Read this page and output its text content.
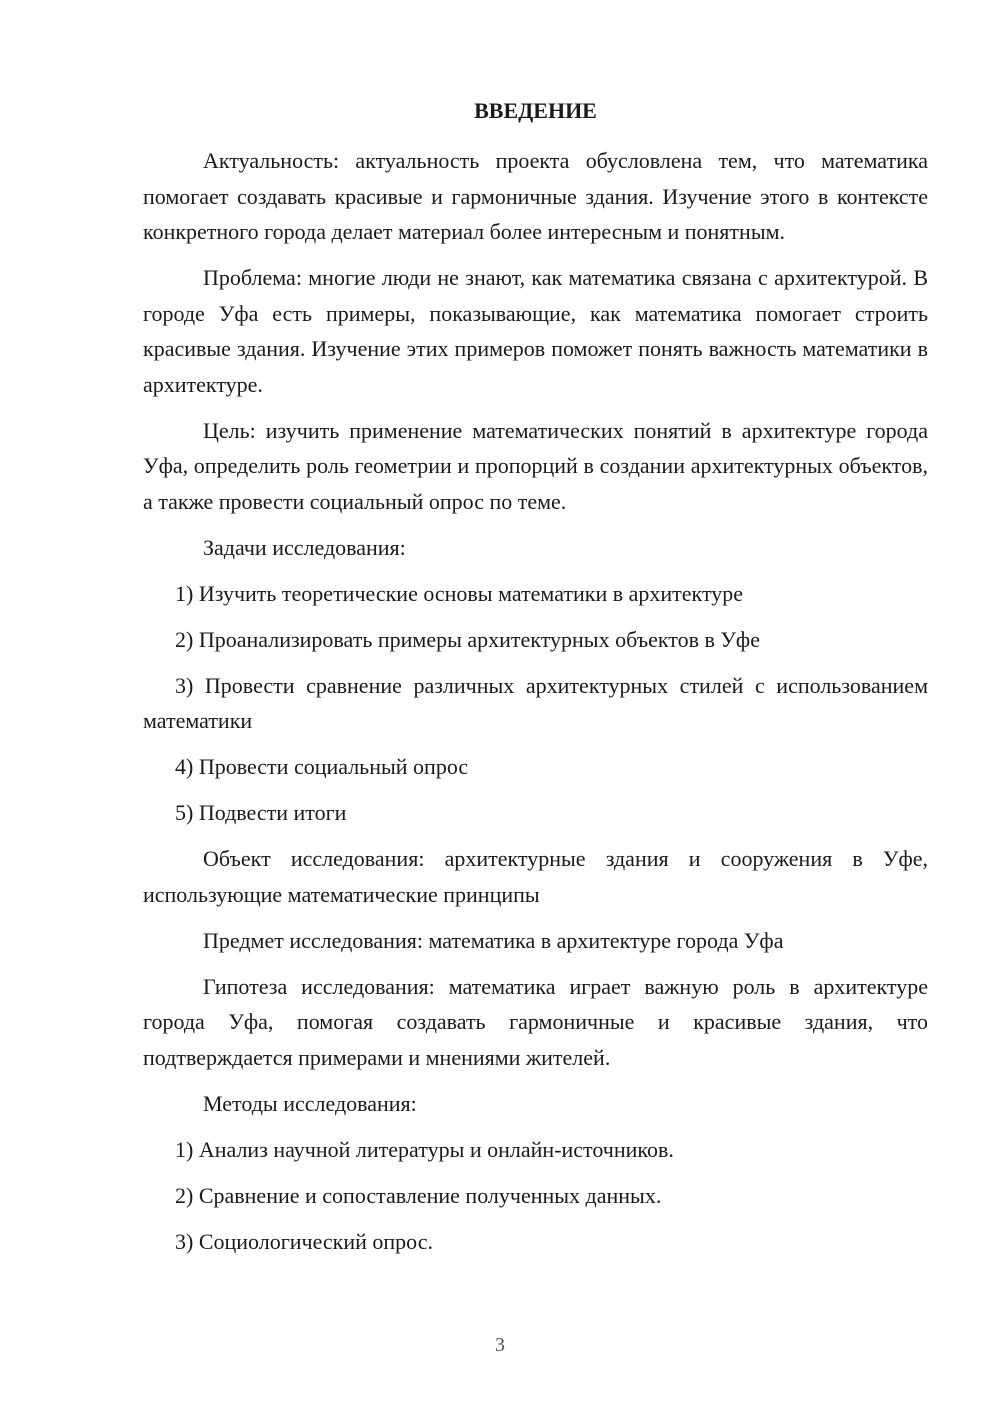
ВВЕДЕНИЕ

Актуальность: актуальность проекта обусловлена тем, что математика помогает создавать красивые и гармоничные здания. Изучение этого в контексте конкретного города делает материал более интересным и понятным.

Проблема: многие люди не знают, как математика связана с архитектурой. В городе Уфа есть примеры, показывающие, как математика помогает строить красивые здания. Изучение этих примеров поможет понять важность математики в архитектуре.

Цель: изучить применение математических понятий в архитектуре города Уфа, определить роль геометрии и пропорций в создании архитектурных объектов, а также провести социальный опрос по теме.

Задачи исследования:

1) Изучить теоретические основы математики в архитектуре

2) Проанализировать примеры архитектурных объектов в Уфе

3) Провести сравнение различных архитектурных стилей с использованием математики

4) Провести социальный опрос

5) Подвести итоги

Объект исследования: архитектурные здания и сооружения в Уфе, использующие математические принципы

Предмет исследования: математика в архитектуре города Уфа

Гипотеза исследования: математика играет важную роль в архитектуре города Уфа, помогая создавать гармоничные и красивые здания, что подтверждается примерами и мнениями жителей.

Методы исследования:

1) Анализ научной литературы и онлайн-источников.

2) Сравнение и сопоставление полученных данных.

3) Социологический опрос.

3
